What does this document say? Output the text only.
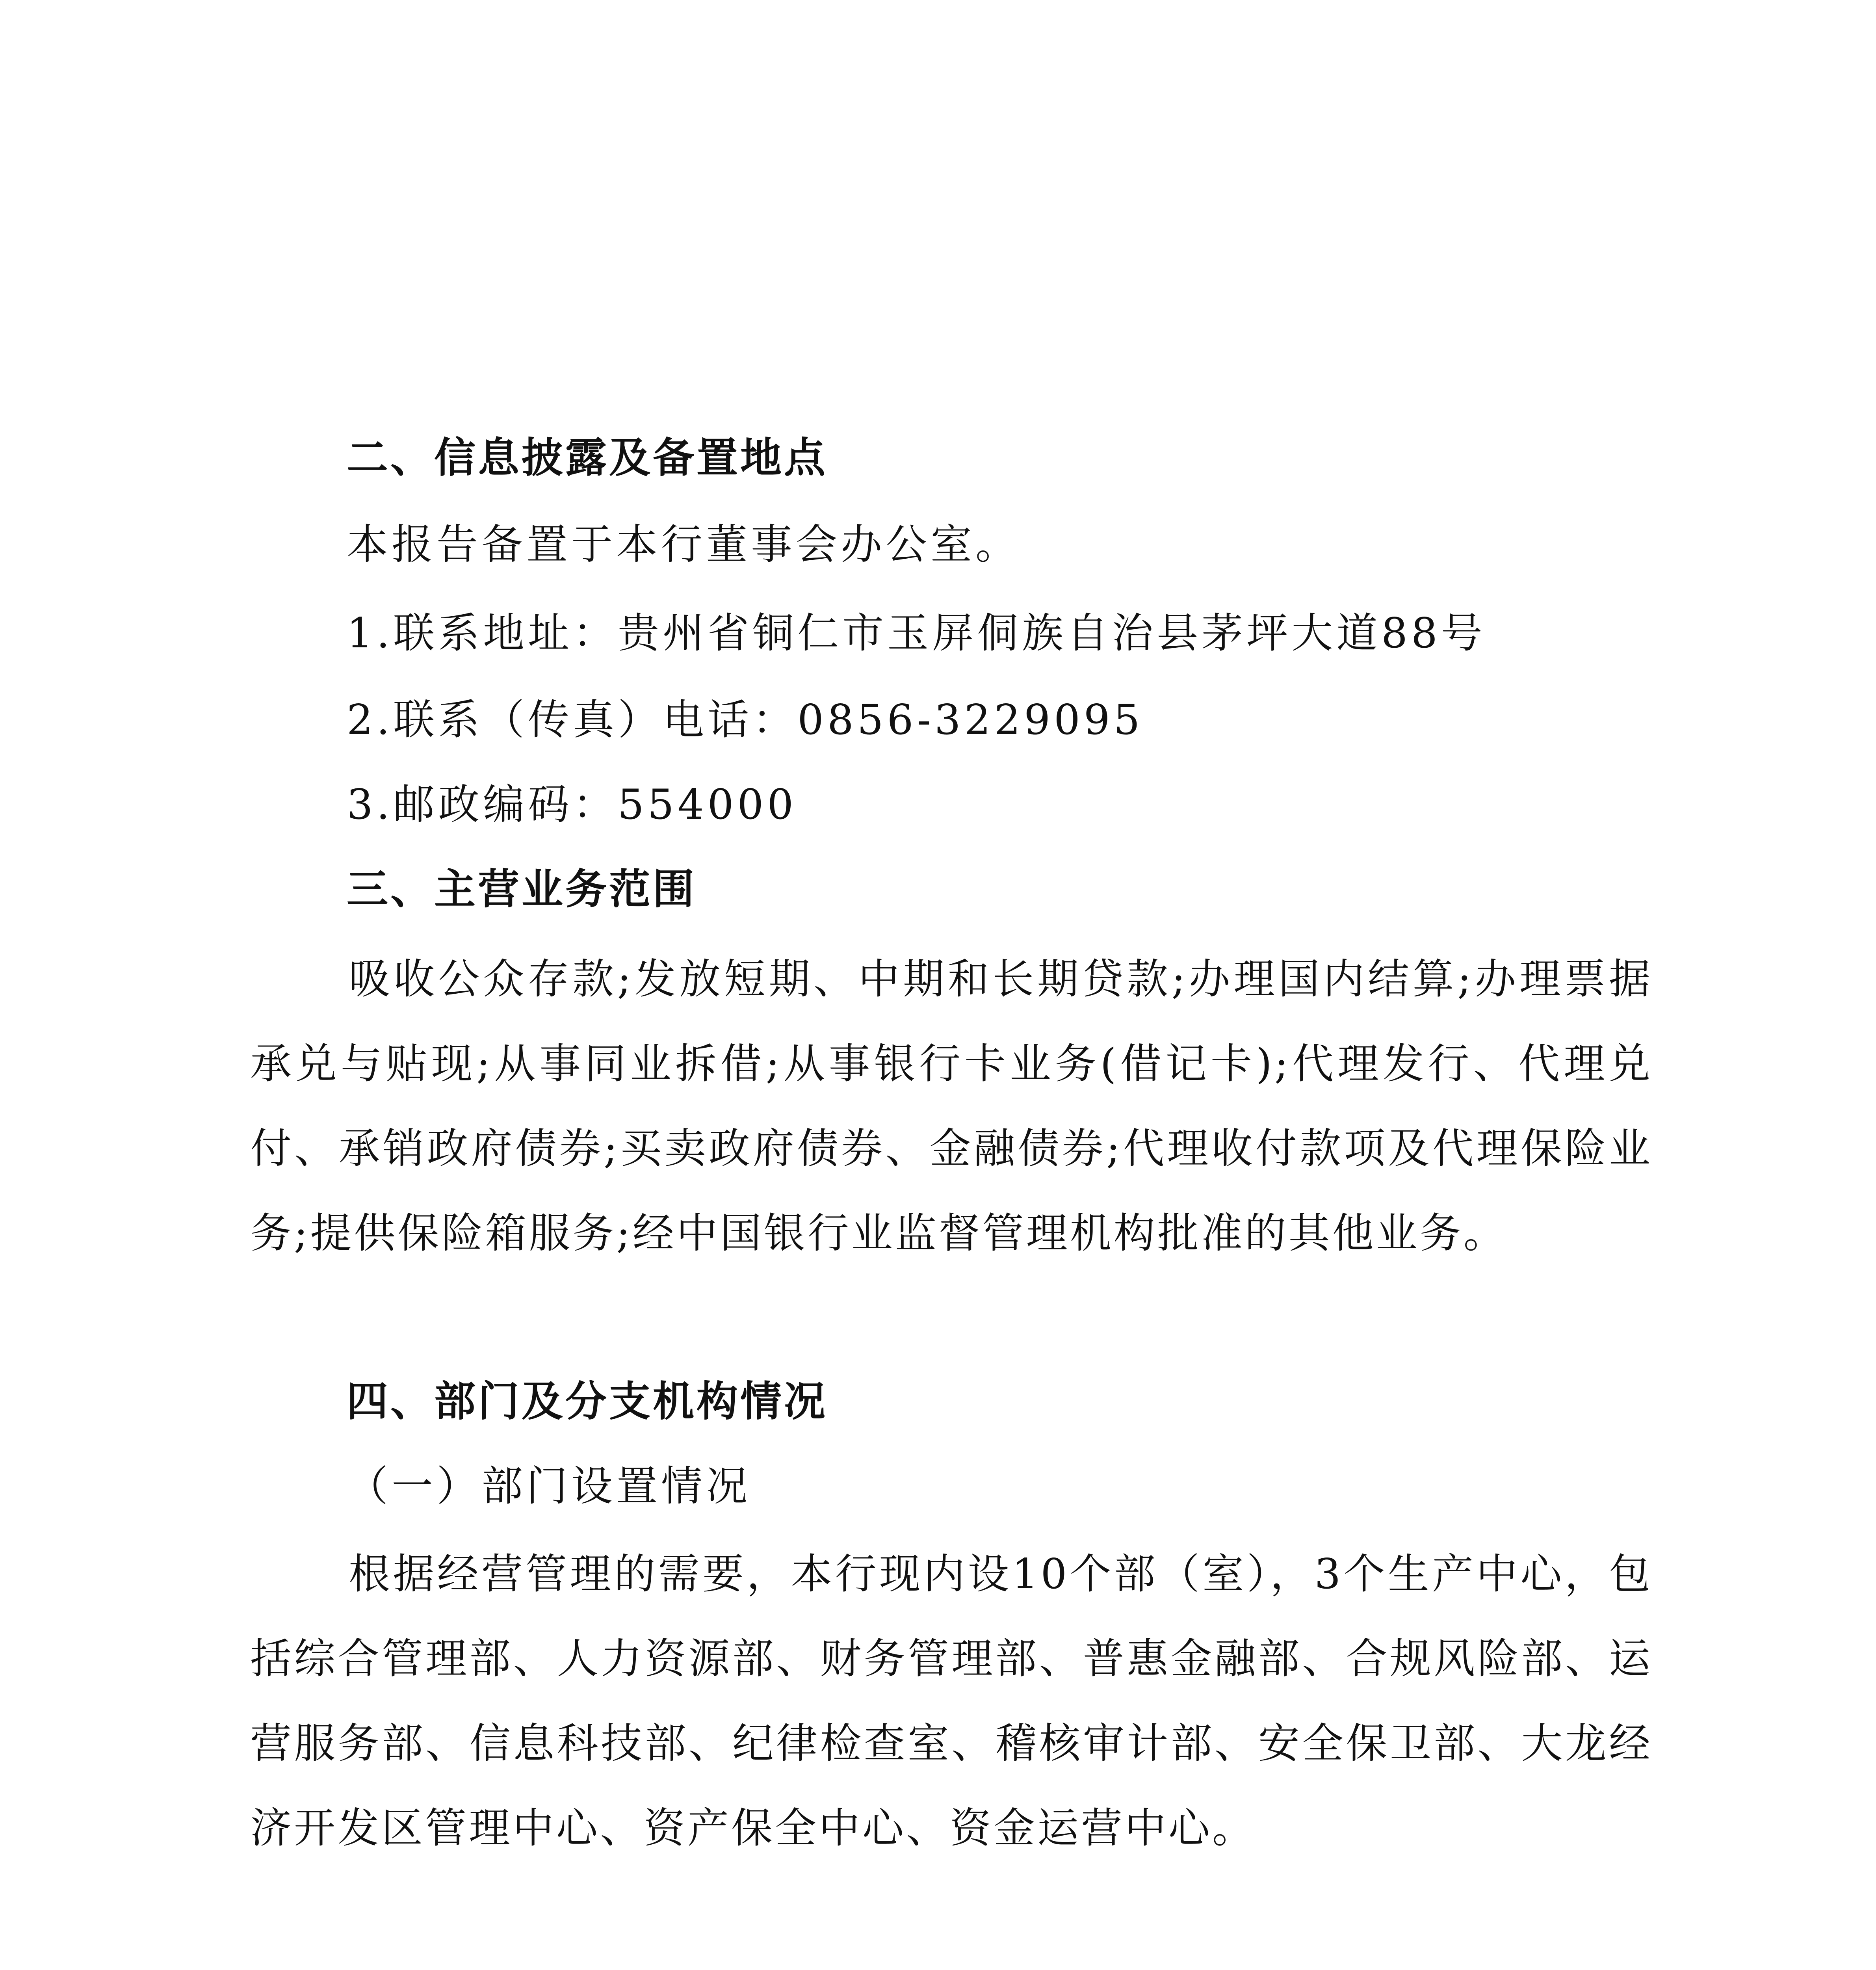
二、信息披露及备置地点
本报告备置于本行董事会办公室。
1.联系地址：贵州省铜仁市玉屏侗族自治县茅坪大道88号
2.联系（传真）电话：0856-3229095
3.邮政编码：554000
三、主营业务范围
吸收公众存款;发放短期、中期和长期贷款;办理国内结算;办理票据承兑与贴现;从事同业拆借;从事银行卡业务(借记卡);代理发行、代理兑付、承销政府债券;买卖政府债券、金融债券;代理收付款项及代理保险业务;提供保险箱服务;经中国银行业监督管理机构批准的其他业务。
四、部门及分支机构情况
（一）部门设置情况
根据经营管理的需要，本行现内设10个部（室），3个生产中心，包括综合管理部、人力资源部、财务管理部、普惠金融部、合规风险部、运营服务部、信息科技部、纪律检查室、稽核审计部、安全保卫部、大龙经济开发区管理中心、资产保全中心、资金运营中心。
